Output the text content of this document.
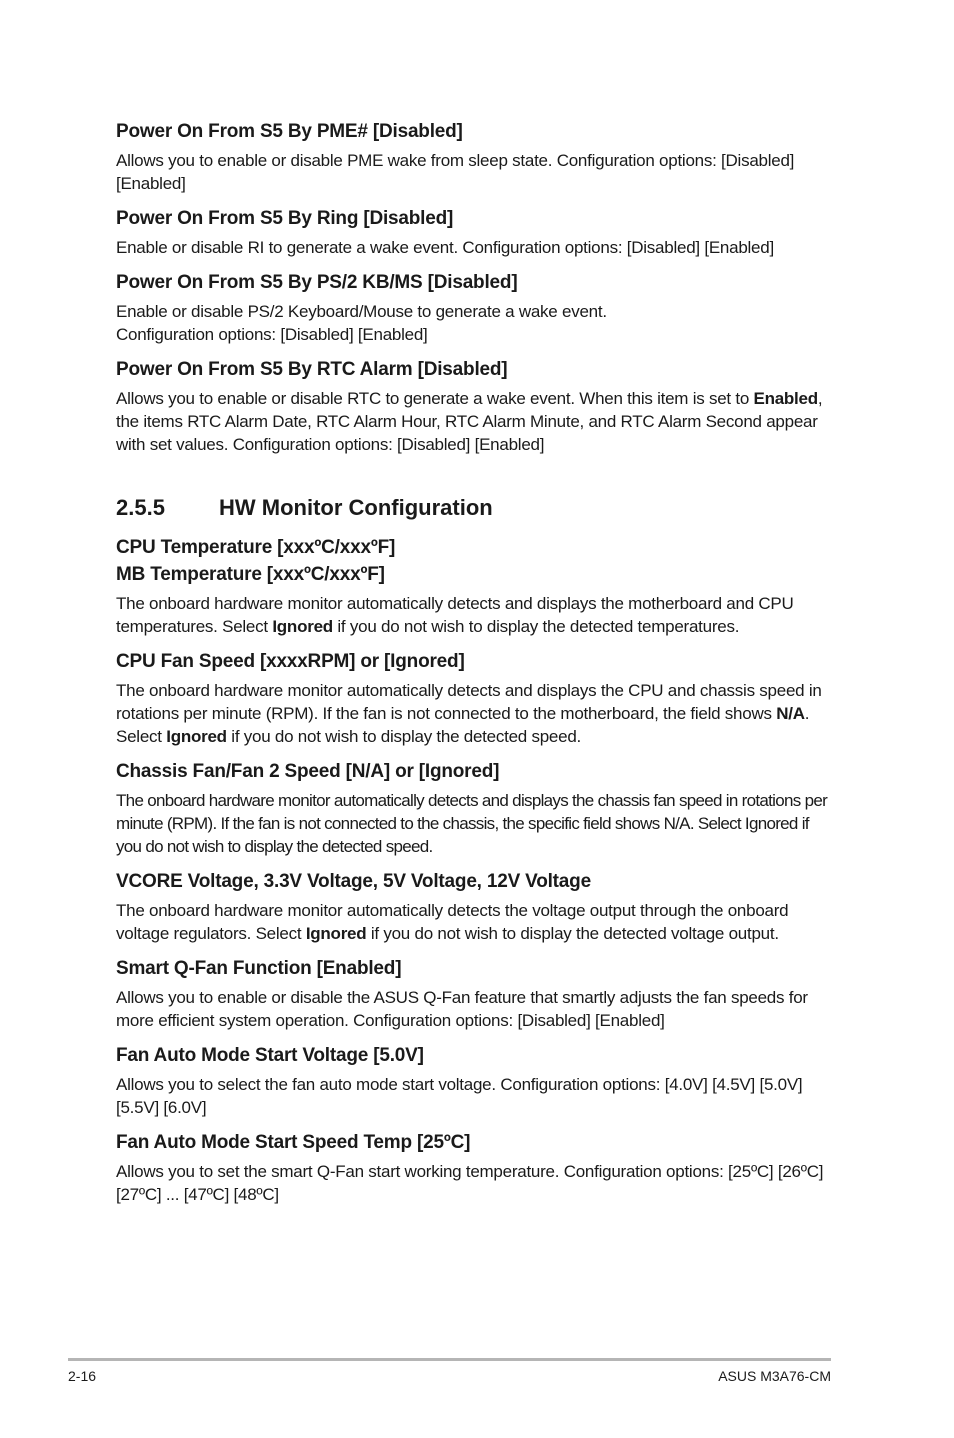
Power On From S5 By PME# [Disabled]

Allows you to enable or disable PME wake from sleep state. Configuration options: [Disabled] [Enabled]

Power On From S5 By Ring [Disabled]

Enable or disable RI to generate a wake event. Configuration options: [Disabled] [Enabled]

Power On From S5 By PS/2 KB/MS [Disabled]

Enable or disable PS/2 Keyboard/Mouse to generate a wake event.
Configuration options: [Disabled] [Enabled]

Power On From S5 By RTC Alarm [Disabled]

Allows you to enable or disable RTC to generate a wake event. When this item is set to Enabled, the items RTC Alarm Date, RTC Alarm Hour, RTC Alarm Minute, and RTC Alarm Second appear with set values. Configuration options: [Disabled] [Enabled]

2.5.5 HW Monitor Configuration
CPU Temperature [xxxºC/xxxºF]
MB Temperature [xxxºC/xxxºF]

The onboard hardware monitor automatically detects and displays the motherboard and CPU temperatures. Select Ignored if you do not wish to display the detected temperatures.

CPU Fan Speed [xxxxRPM] or [Ignored]

The onboard hardware monitor automatically detects and displays the CPU and chassis speed in rotations per minute (RPM). If the fan is not connected to the motherboard, the field shows N/A. Select Ignored if you do not wish to display the detected speed.

Chassis Fan/Fan 2 Speed [N/A] or [Ignored]

The onboard hardware monitor automatically detects and displays the chassis fan speed in rotations per minute (RPM). If the fan is not connected to the chassis, the specific field shows N/A. Select Ignored if you do not wish to display the detected speed.

VCORE Voltage, 3.3V Voltage, 5V Voltage, 12V Voltage

The onboard hardware monitor automatically detects the voltage output through the onboard voltage regulators. Select Ignored if you do not wish to display the detected voltage output.

Smart Q-Fan Function [Enabled]

Allows you to enable or disable the ASUS Q-Fan feature that smartly adjusts the fan speeds for more efficient system operation. Configuration options: [Disabled] [Enabled]

Fan Auto Mode Start Voltage [5.0V]

Allows you to select the fan auto mode start voltage. Configuration options: [4.0V] [4.5V] [5.0V] [5.5V] [6.0V]

Fan Auto Mode Start Speed Temp [25ºC]

Allows you to set the smart Q-Fan start working temperature. Configuration options: [25ºC] [26ºC] [27ºC] ... [47ºC] [48ºC]

2-16	ASUS M3A76-CM
